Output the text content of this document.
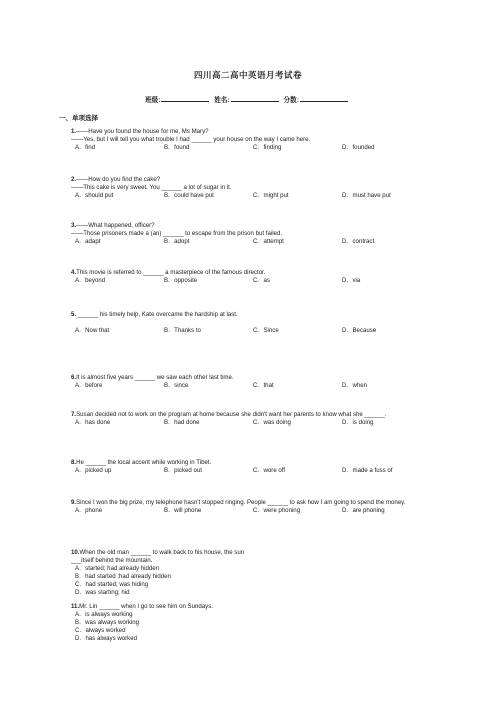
四川高二高中英语月考试卷
班级:	姓名:	分数:
一、单项选择
1.——Have you found the house for me, Ms Mary?
——Yes, but I will tell you what trouble I had ______ your house on the way I came here.
A．find	B．found	C．finding	D．founded
2.——How do you find the cake?
——This cake is very sweet. You ______ a lot of sugar in it.
A．should put	B．could have put	C．might put	D．must have put
3.——What happened, officer?
——Those prisoners made a (an) ______ to escape from the prison but failed.
A．adapt	B．adopt	C．attempt	D．contract
4.This movie is referred to ______ a masterpiece of the famous director.
A．beyond	B．opposite	C．as	D．via
5. ______ his timely help, Kate overcame the hardship at last.
A．Now that	B．Thanks to	C．Since	D．Because
6.It is almost five years ______ we saw each other last time.
A．before	B．since	C．that	D．when
7.Susan decided not to work on the program at home because she didn't want her parents to know what she ______.
A．has done	B．had done	C．was doing	D．is doing
8.He ______ the local accent while working in Tibet.
A．picked up	B．picked out	C．wore off	D．made a fuss of
9.Since I won the big prize, my telephone hasn't stopped ringing. People ______ to ask how I am going to spend the money.
A．phone	B．will phone	C．were phoning	D．are phoning
10.When the old man ______ to walk back to his house, the sun ___itself behind the mountain.
A．started; had already hidden
B．had started ;had already hidden
C．had started; was hiding
D．was starting; hid
11.Mr. Lin ______ when I go to see him on Sundays.
A．is always working
B．was always working
C．always worked
D．has always worked
